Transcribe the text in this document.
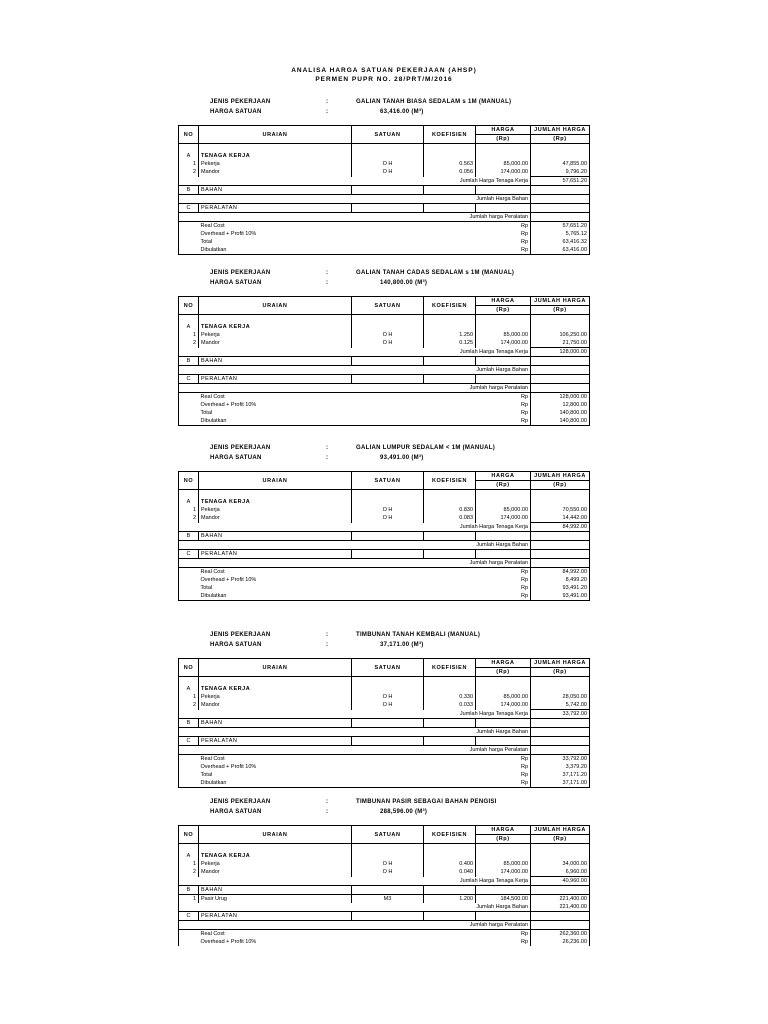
ANALISA HARGA SATUAN PEKERJAAN (AHSP)
PERMEN PUPR NO. 28/PRT/M/2016
JENIS PEKERJAAN	:	GALIAN TANAH BIASA SEDALAM s 1M (MANUAL)
HARGA SATUAN	:	63,416.00 (M³)
NO	URAIAN	SATUAN	KOEFISIEN	HARGA	JUMLAH HARGA
				(Rp)	(Rp)

A	TENAGA KERJA				
1	Pekerja	O H	0.563	85,000.00	47,855.00
2	Mandor	O H	0.056	174,000.00	9,796.20
		Jumlah Harga Tenaga Kerja			57,651.20
B	BAHAN				
		Jumlah Harga Bahan			
C	PERALATAN				
		Jumlah harga Peralatan			
	Real Cost			Rp	57,651.20
	Overhead + Profit 10%			Rp	5,765.12
	Total			Rp	63,416.32
	Dibulatkan			Rp	63,416.00
JENIS PEKERJAAN	:	GALIAN TANAH CADAS SEDALAM s 1M (MANUAL)
HARGA SATUAN	:	140,800.00 (M³)
NO	URAIAN	SATUAN	KOEFISIEN	HARGA	JUMLAH HARGA
				(Rp)	(Rp)

A	TENAGA KERJA				
1	Pekerja	O H	1.250	85,000.00	106,250.00
2	Mandor	O H	0.125	174,000.00	21,750.00
		Jumlah Harga Tenaga Kerja			128,000.00
B	BAHAN				
		Jumlah Harga Bahan			
C	PERALATAN				
		Jumlah harga Peralatan			
	Real Cost			Rp	128,000.00
	Overhead + Profit 10%			Rp	12,800.00
	Total			Rp	140,800.00
	Dibulatkan			Rp	140,800.00
JENIS PEKERJAAN	:	GALIAN LUMPUR SEDALAM < 1M (MANUAL)
HARGA SATUAN	:	93,491.00 (M³)
NO	URAIAN	SATUAN	KOEFISIEN	HARGA	JUMLAH HARGA
				(Rp)	(Rp)

A	TENAGA KERJA				
1	Pekerja	O H	0.830	85,000.00	70,550.00
2	Mandor	O H	0.083	174,000.00	14,442.00
		Jumlah Harga Tenaga Kerja			84,992.00
B	BAHAN				
		Jumlah Harga Bahan			
C	PERALATAN				
		Jumlah harga Peralatan			
	Real Cost			Rp	84,992.00
	Overhead + Profit 10%			Rp	8,499.20
	Total			Rp	93,491.20
	Dibulatkan			Rp	93,491.00
JENIS PEKERJAAN	:	TIMBUNAN TANAH KEMBALI (MANUAL)
HARGA SATUAN	:	37,171.00 (M³)
NO	URAIAN	SATUAN	KOEFISIEN	HARGA	JUMLAH HARGA
				(Rp)	(Rp)

A	TENAGA KERJA				
1	Pekerja	O H	0.330	85,000.00	28,050.00
2	Mandor	O H	0.033	174,000.00	5,742.00
		Jumlah Harga Tenaga Kerja			33,792.00
B	BAHAN				
		Jumlah Harga Bahan			
C	PERALATAN				
		Jumlah harga Peralatan			
	Real Cost			Rp	33,792.00
	Overhead + Profit 10%			Rp	3,379.20
	Total			Rp	37,171.20
	Dibulatkan			Rp	37,171.00
JENIS PEKERJAAN	:	TIMBUNAN PASIR SEBAGAI BAHAN PENGISI
HARGA SATUAN	:	288,596.00 (M³)
NO	URAIAN	SATUAN	KOEFISIEN	HARGA	JUMLAH HARGA
				(Rp)	(Rp)

A	TENAGA KERJA				
1	Pekerja	O H	0.400	85,000.00	34,000.00
2	Mandor	O H	0.040	174,000.00	6,960.00
		Jumlah Harga Tenaga Kerja			40,960.00
B	BAHAN				
1	Pasir Urug	M3	1.200	184,500.00	221,400.00
		Jumlah Harga Bahan			221,400.00
C	PERALATAN				
		Jumlah harga Peralatan			
	Real Cost			Rp	262,360.00
	Overhead + Profit 10%			Rp	26,236.00
